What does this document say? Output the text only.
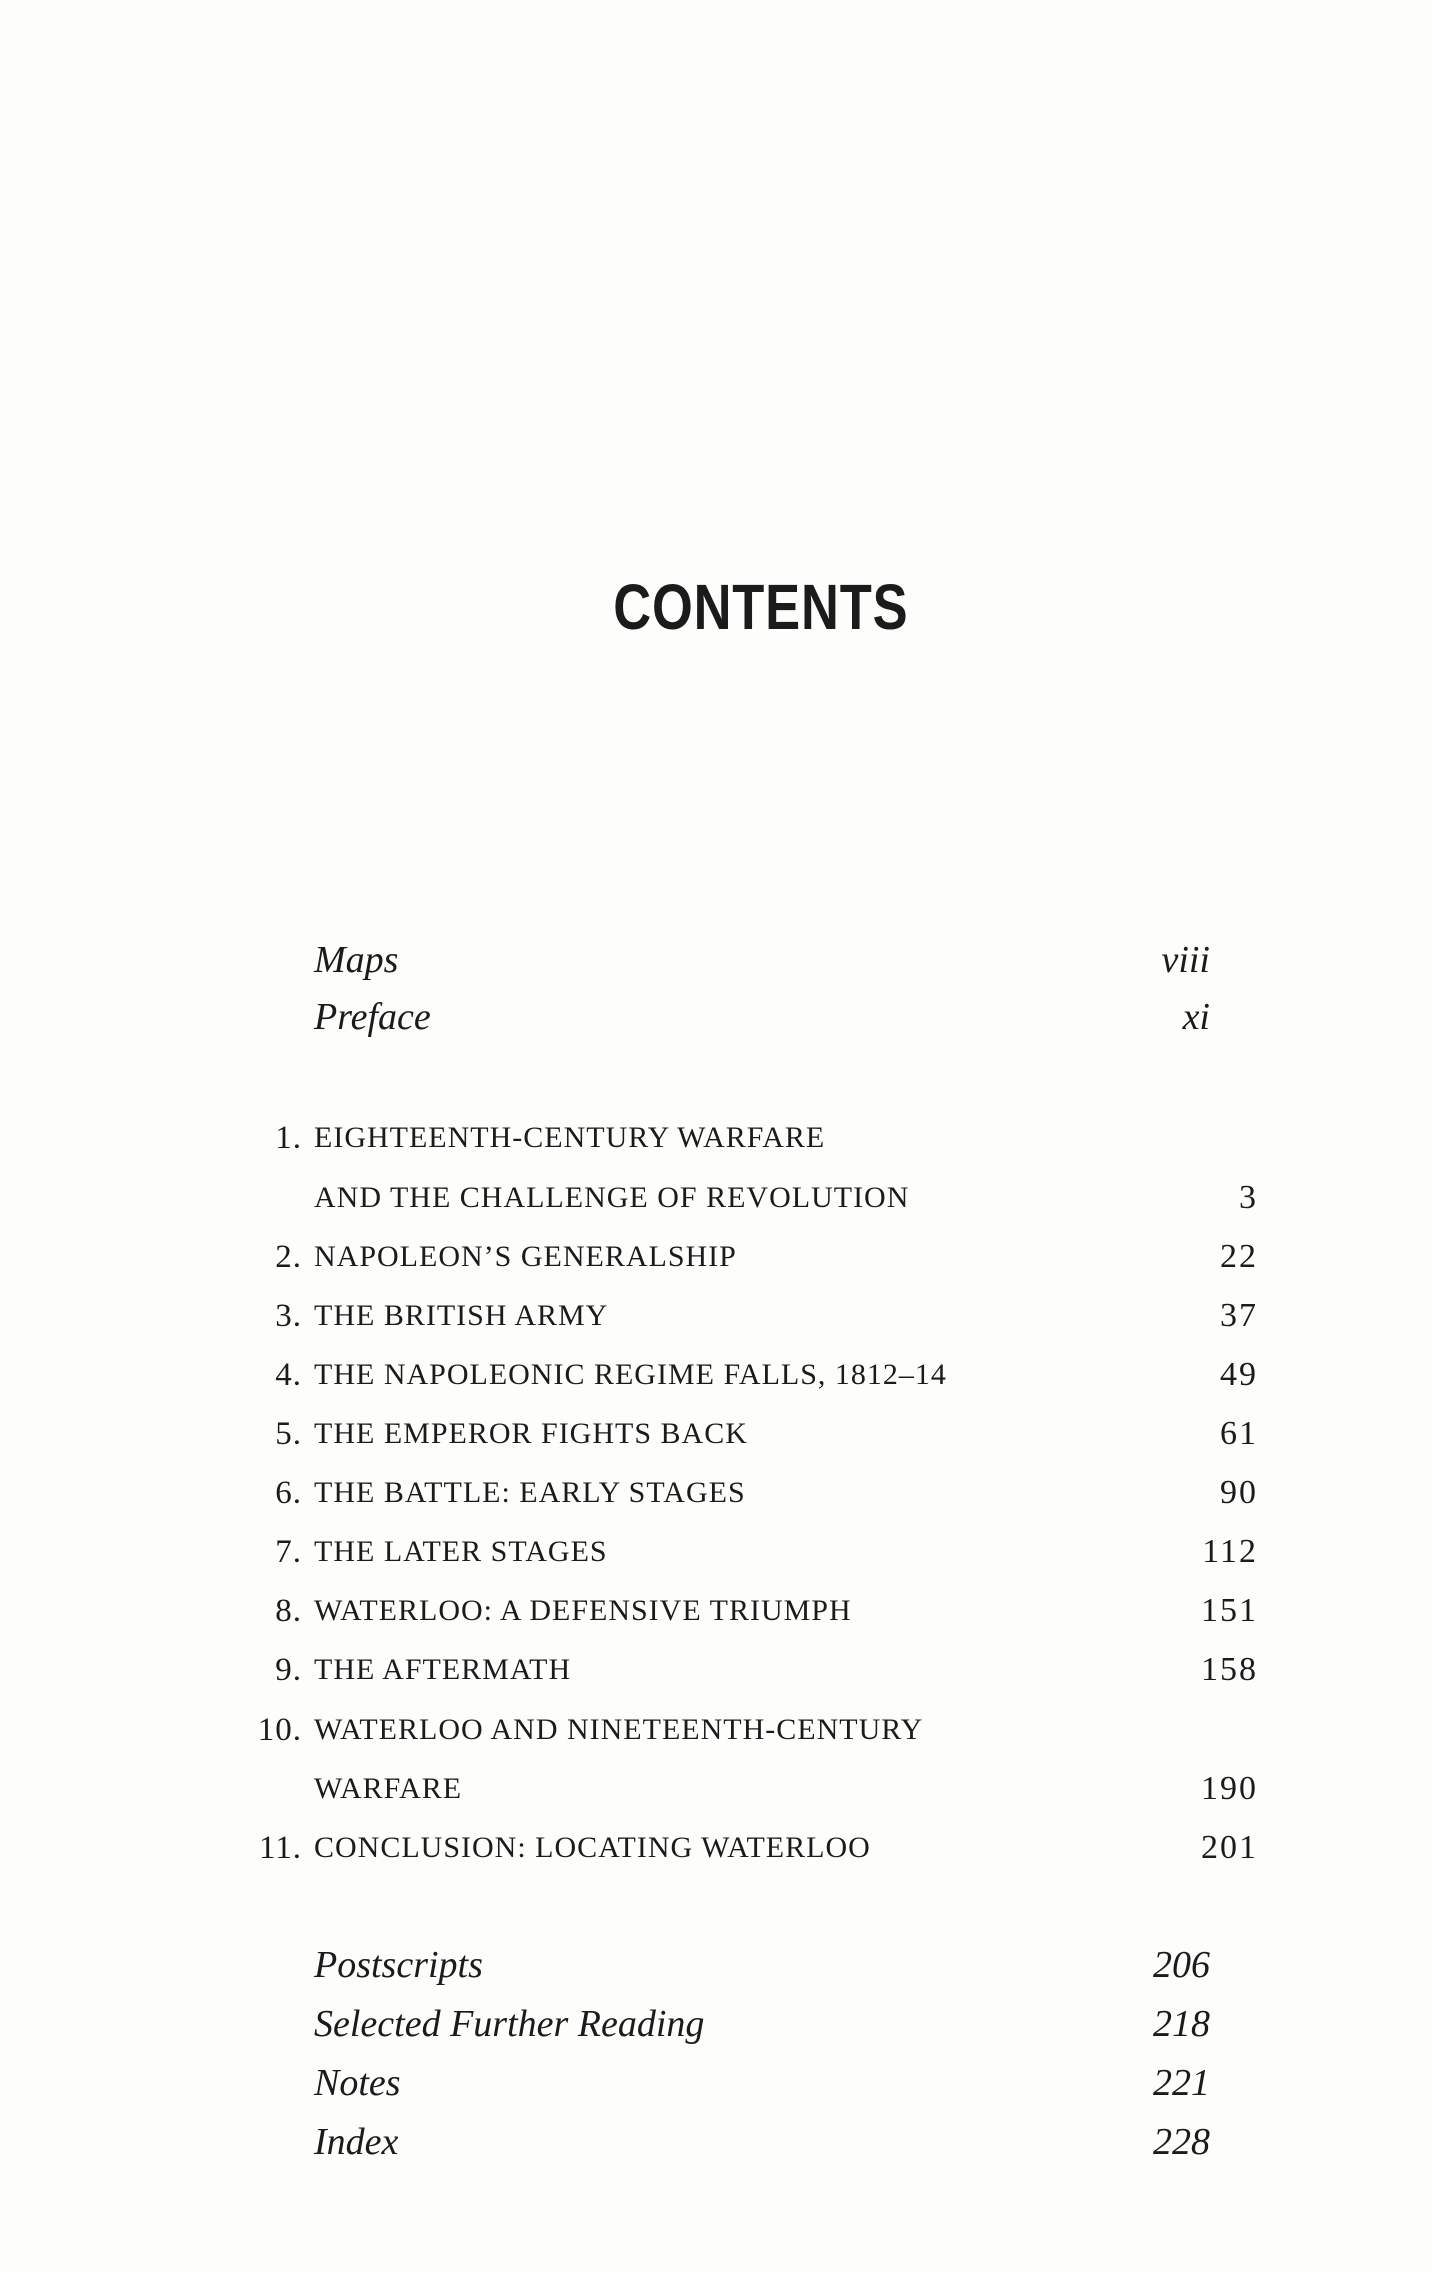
CONTENTS
Maps	viii
Preface	xi
1. EIGHTEENTH-CENTURY WARFARE
AND THE CHALLENGE OF REVOLUTION	3
2. NAPOLEON’S GENERALSHIP	22
3. THE BRITISH ARMY	37
4. THE NAPOLEONIC REGIME FALLS, 1812–14	49
5. THE EMPEROR FIGHTS BACK	61
6. THE BATTLE: EARLY STAGES	90
7. THE LATER STAGES	112
8. WATERLOO: A DEFENSIVE TRIUMPH	151
9. THE AFTERMATH	158
10. WATERLOO AND NINETEENTH-CENTURY
WARFARE	190
11. CONCLUSION: LOCATING WATERLOO	201
Postscripts	206
Selected Further Reading	218
Notes	221
Index	228
